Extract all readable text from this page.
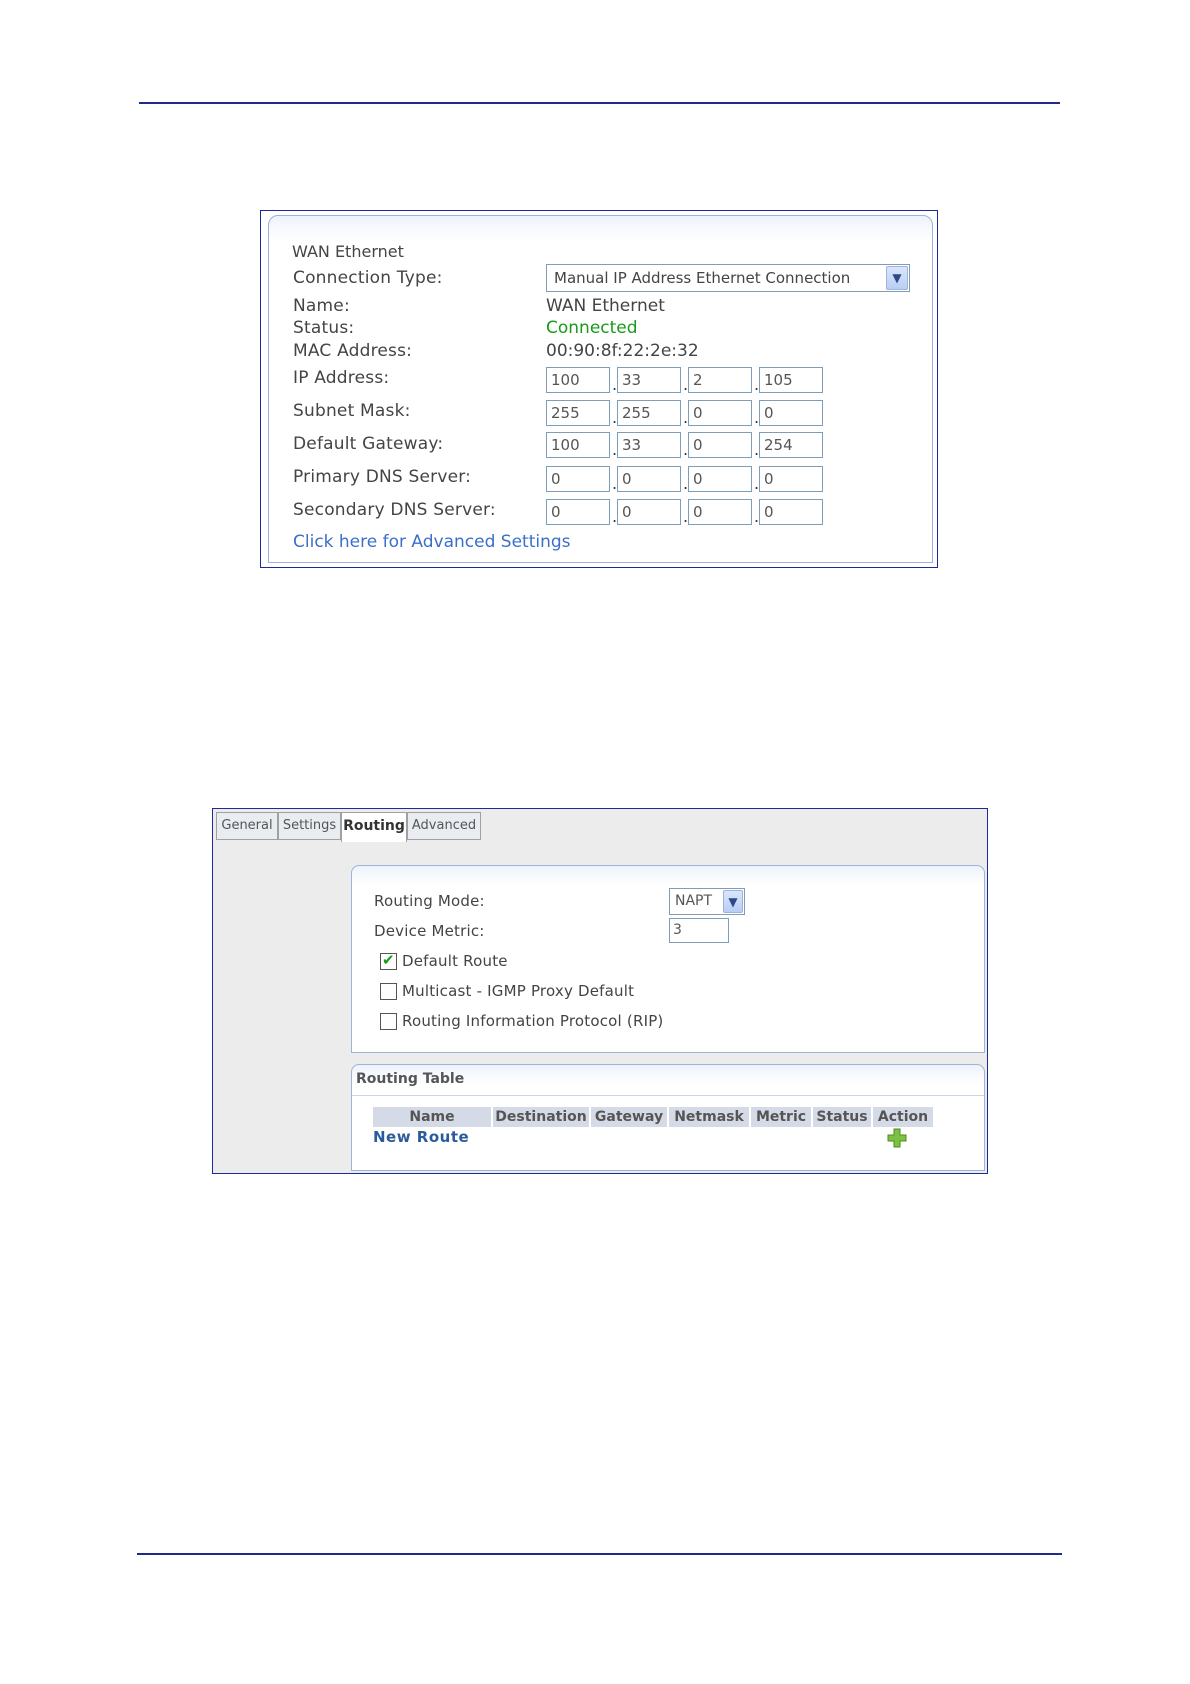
WAN Ethernet
Connection Type:	Manual IP Address Ethernet Connection	▼
Name:	WAN Ethernet
Status:	Connected
MAC Address:	00:90:8f:22:2e:32
IP Address:	100	. 33	. 2	. 105
Subnet Mask:	255	. 255	. 0	. 0
Default Gateway:	100	. 33	. 0	. 254
Primary DNS Server:	0	. 0	. 0	. 0
Secondary DNS Server:	0	. 0	. 0	. 0
Click here for Advanced Settings
General Settings Routing Advanced
Routing Mode:	NAPT	▼
Device Metric:	3
✔ Default Route
Multicast - IGMP Proxy Default
Routing Information Protocol (RIP)
Routing Table
Name	Destination Gateway Netmask Metric Status Action
New Route
